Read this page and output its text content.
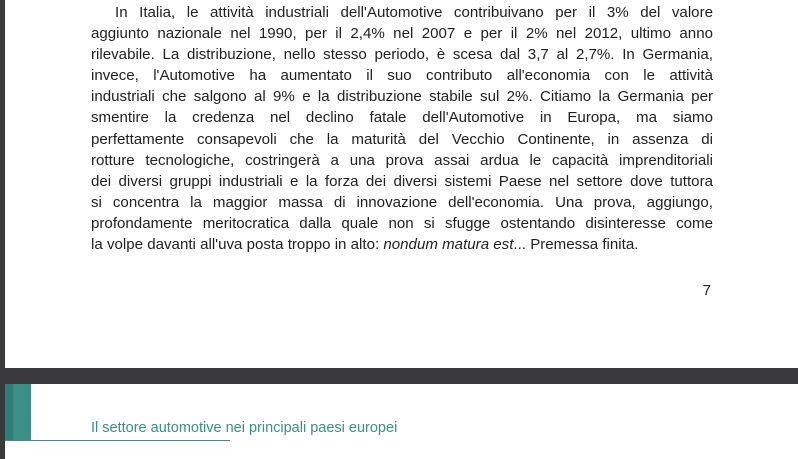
In Italia, le attività industriali dell'Automotive contribuivano per il 3% del valore
aggiunto nazionale nel 1990, per il 2,4% nel 2007 e per il 2% nel 2012, ultimo anno
rilevabile. La distribuzione, nello stesso periodo, è scesa dal 3,7 al 2,7%. In Germania,
invece, l'Automotive ha aumentato il suo contributo all'economia con le attività
industriali che salgono al 9% e la distribuzione stabile sul 2%. Citiamo la Germania per
smentire la credenza nel declino fatale dell'Automotive in Europa, ma siamo
perfettamente consapevoli che la maturità del Vecchio Continente, in assenza di
rotture tecnologiche, costringerà a una prova assai ardua le capacità imprenditoriali
dei diversi gruppi industriali e la forza dei diversi sistemi Paese nel settore dove tuttora
si concentra la maggior massa di innovazione dell'economia. Una prova, aggiungo,
profondamente meritocratica dalla quale non si sfugge ostentando disinteresse come
la volpe davanti all'uva posta troppo in alto: nondum matura est... Premessa finita.

7
Il settore automotive nei principali paesi europei
